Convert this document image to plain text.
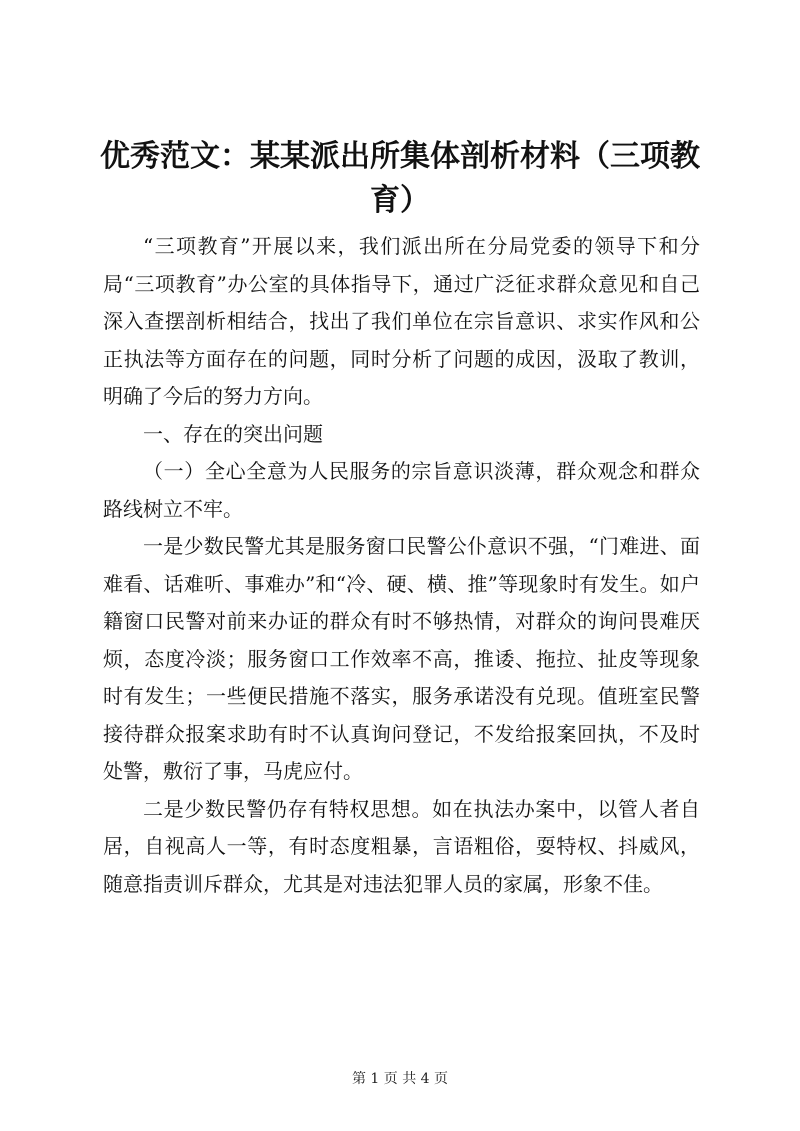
优秀范文：某某派出所集体剖析材料（三项教育）

“三项教育”开展以来，我们派出所在分局党委的领导下和分局“三项教育”办公室的具体指导下，通过广泛征求群众意见和自己深入查摆剖析相结合，找出了我们单位在宗旨意识、求实作风和公正执法等方面存在的问题，同时分析了问题的成因，汲取了教训，明确了今后的努力方向。

一、存在的突出问题

（一）全心全意为人民服务的宗旨意识淡薄，群众观念和群众路线树立不牢。

一是少数民警尤其是服务窗口民警公仆意识不强，“门难进、面难看、话难听、事难办”和“冷、硬、横、推”等现象时有发生。如户籍窗口民警对前来办证的群众有时不够热情，对群众的询问畏难厌烦，态度冷淡；服务窗口工作效率不高，推诿、拖拉、扯皮等现象时有发生；一些便民措施不落实，服务承诺没有兑现。值班室民警接待群众报案求助有时不认真询问登记，不发给报案回执，不及时处警，敷衍了事，马虎应付。

二是少数民警仍存有特权思想。如在执法办案中，以管人者自居，自视高人一等，有时态度粗暴，言语粗俗，耍特权、抖威风，随意指责训斥群众，尤其是对违法犯罪人员的家属，形象不佳。

第 1 页 共 4 页
